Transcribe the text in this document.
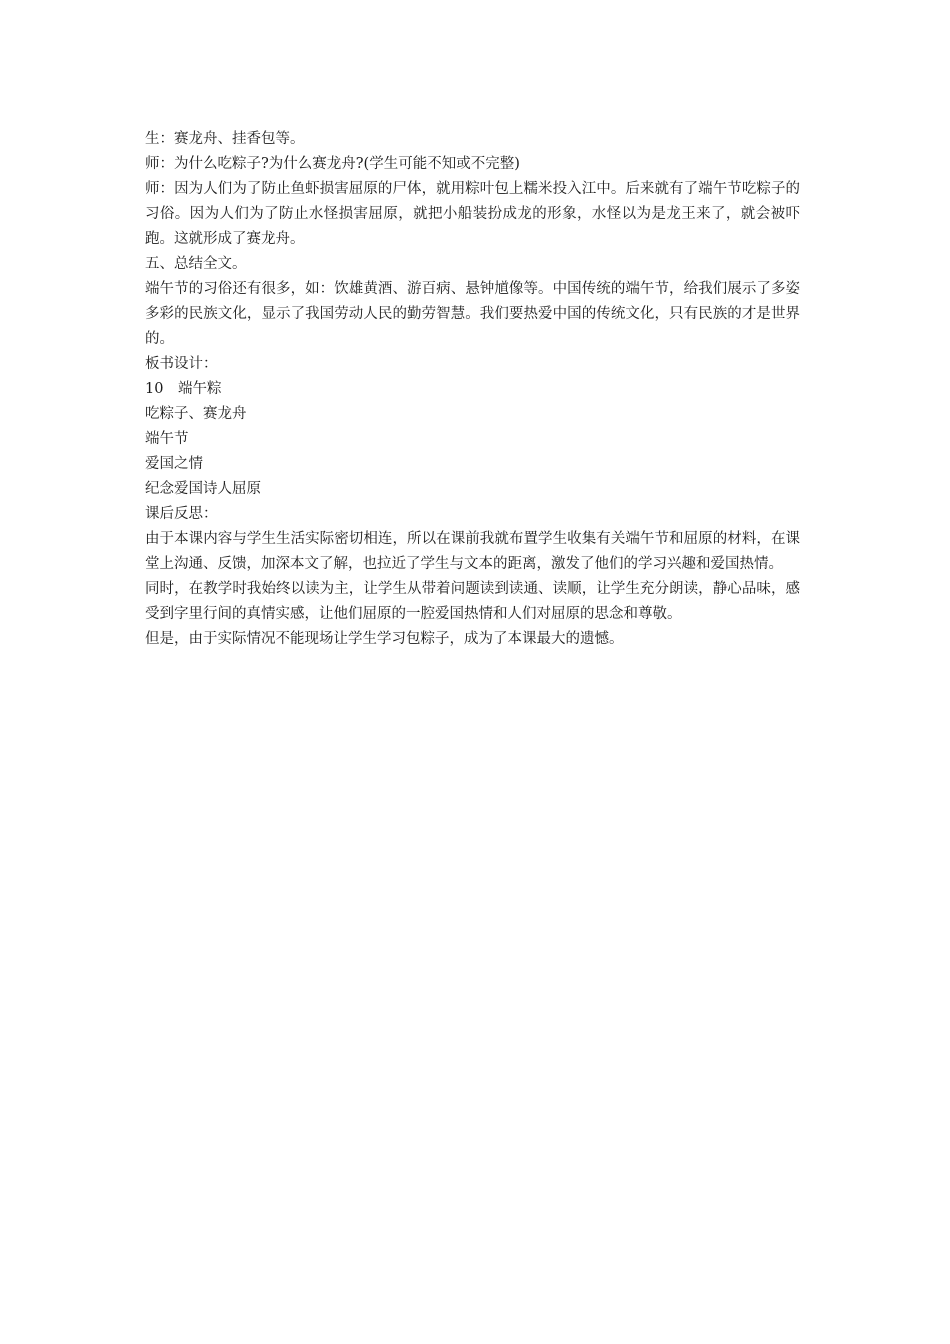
生：赛龙舟、挂香包等。

师：为什么吃粽子?为什么赛龙舟?(学生可能不知或不完整)

师：因为人们为了防止鱼虾损害屈原的尸体，就用粽叶包上糯米投入江中。后来就有了端午节吃粽子的习俗。因为人们为了防止水怪损害屈原，就把小船装扮成龙的形象，水怪以为是龙王来了，就会被吓跑。这就形成了赛龙舟。

五、总结全文。

端午节的习俗还有很多，如：饮雄黄酒、游百病、悬钟馗像等。中国传统的端午节，给我们展示了多姿多彩的民族文化，显示了我国劳动人民的勤劳智慧。我们要热爱中国的传统文化，只有民族的才是世界的。

板书设计：

10　端午粽

吃粽子、赛龙舟

端午节

爱国之情

纪念爱国诗人屈原

课后反思：

由于本课内容与学生生活实际密切相连，所以在课前我就布置学生收集有关端午节和屈原的材料，在课堂上沟通、反馈，加深本文了解，也拉近了学生与文本的距离，激发了他们的学习兴趣和爱国热情。

同时，在教学时我始终以读为主，让学生从带着问题读到读通、读顺，让学生充分朗读，静心品味，感受到字里行间的真情实感，让他们屈原的一腔爱国热情和人们对屈原的思念和尊敬。

但是，由于实际情况不能现场让学生学习包粽子，成为了本课最大的遗憾。
